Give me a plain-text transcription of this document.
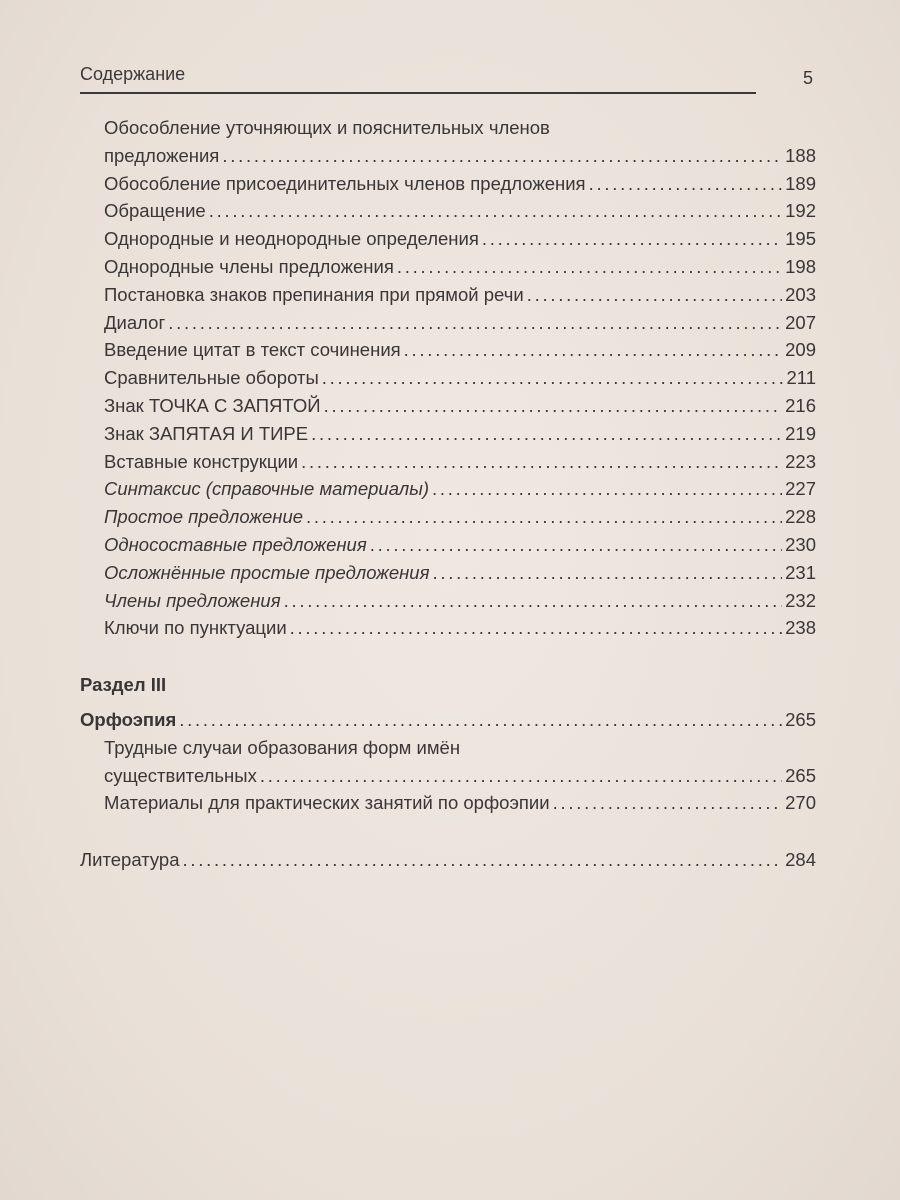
Содержание	5
Обособление уточняющих и пояснительных членов
предложения . . .	188
Обособление присоединительных членов предложения . . .	189
Обращение . . .	192
Однородные и неоднородные определения . . .	195
Однородные члены предложения . . .	198
Постановка знаков препинания при прямой речи . . .	203
Диалог . . .	207
Введение цитат в текст сочинения . . .	209
Сравнительные обороты . . .	211
Знак ТОЧКА С ЗАПЯТОЙ . . .	216
Знак ЗАПЯТАЯ И ТИРЕ . . .	219
Вставные конструкции . . .	223
Синтаксис (справочные материалы) . . .	227
Простое предложение . . .	228
Односоставные предложения . . .	230
Осложнённые простые предложения . . .	231
Члены предложения . . .	232
Ключи по пунктуации . . .	238
Раздел III
Орфоэпия . . .	265
Трудные случаи образования форм имён
существительных . . .	265
Материалы для практических занятий по орфоэпии . . .	270
Литература . . .	284
